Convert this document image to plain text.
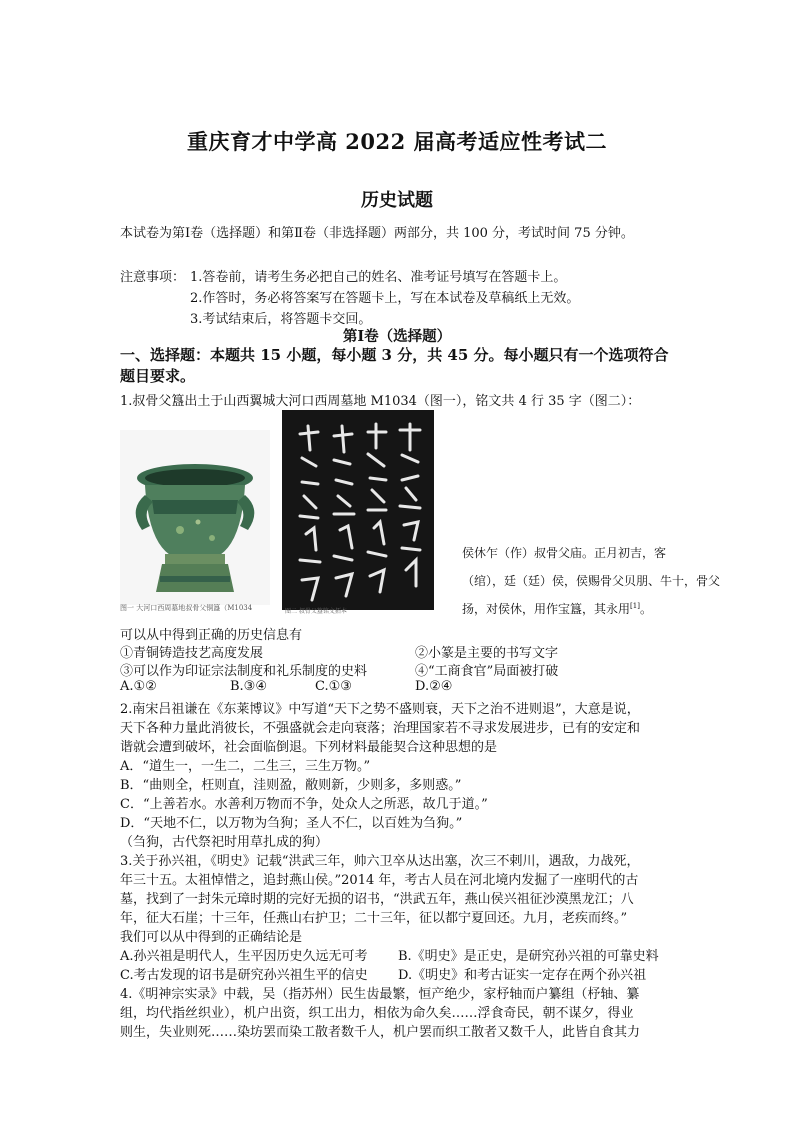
重庆育才中学高 2022 届高考适应性考试二
历史试题
本试卷为第Ⅰ卷（选择题）和第Ⅱ卷（非选择题）两部分，共 100 分，考试时间 75 分钟。
注意事项： 1.答卷前，请考生务必把自己的姓名、准考证号填写在答题卡上。
2.作答时，务必将答案写在答题卡上，写在本试卷及草稿纸上无效。
3.考试结束后，将答题卡交回。
第Ⅰ卷（选择题）
一、选择题：本题共 15 小题，每小题 3 分，共 45 分。每小题只有一个选项符合题目要求。
1.叔骨父簋出土于山西翼城大河口西周墓地 M1034（图一），铭文共 4 行 35 字（图二）：
图一 大河口西周墓地叔骨父铜簋（M1034	图二 叔骨父簋铭文拓本
侯休乍（作）叔骨父庙。正月初吉，客
（绾），廷（廷）侯，侯赐骨父贝朋、牛十，骨父
扬，对侯休，用作宝簋，其永用[1]。
可以从中得到正确的历史信息有
①青铜铸造技艺高度发展	②小篆是主要的书写文字
③可以作为印证宗法制度和礼乐制度的史料	④“工商食官”局面被打破
A.①②	B.③④	C.①③	D.②④
2.南宋吕祖谦在《东莱博议》中写道“天下之势不盛则衰，天下之治不进则退”，大意是说，
天下各种力量此消彼长，不强盛就会走向衰落；治理国家若不寻求发展进步，已有的安定和
谐就会遭到破坏，社会面临倒退。下列材料最能契合这种思想的是
A．“道生一，一生二，二生三，三生万物。”
B．“曲则全，枉则直，洼则盈，敝则新，少则多，多则惑。”
C．“上善若水。水善利万物而不争，处众人之所恶，故几于道。”
D．“天地不仁，以万物为刍狗；圣人不仁，以百姓为刍狗。”
（刍狗，古代祭祀时用草扎成的狗）
3.关于孙兴祖，《明史》记载“洪武三年，帅六卫卒从达出塞，次三不剌川，遇敌，力战死，
年三十五。太祖悼惜之，追封燕山侯。”2014 年，考古人员在河北境内发掘了一座明代的古
墓，找到了一封朱元璋时期的完好无损的诏书，“洪武五年，燕山侯兴祖征沙漠黑龙江；八
年，征大石崖；十三年，任燕山右护卫；二十三年，征以都宁夏回还。九月，老疾而终。”
我们可以从中得到的正确结论是
A.孙兴祖是明代人，生平因历史久远无可考 B.《明史》是正史，是研究孙兴祖的可靠史料
C.考古发现的诏书是研究孙兴祖生平的信史 D.《明史》和考古证实一定存在两个孙兴祖
4.《明神宗实录》中载，吴（指苏州）民生齿最繁，恒产绝少，家杼轴而户纂组（杼轴、纂
组，均代指丝织业），机户出资，织工出力，相依为命久矣……浮食奇民，朝不谋夕，得业
则生，失业则死……染坊罢而染工散者数千人，机户罢而织工散者又数千人，此皆自食其力
